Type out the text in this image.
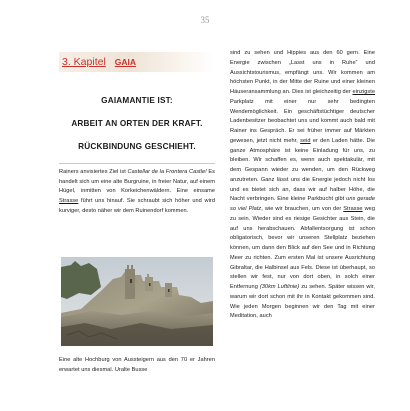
35
3. Kapitel GAIA
GAIAMANTIE IST:
ARBEIT AN ORTEN DER KRAFT.
RÜCKBINDUNG GESCHIEHT.

Rainers anvisiertes Ziel ist Castellar de la Frontera Castle! Es handelt sich um eine alte Burgruine, in freier Natur, auf einem Hügel, inmitten von Korkeichenwäldern. Eine einsame Strasse führt uns hinauf. Sie schraubt sich höher und wird kurviger, desto näher wir dem Ruinendorf kommen.

Eine alte Hochburg von Aussteigern aus den 70 er Jahren erwartet uns diesmal. Uralte Busse

sind zu sehen und Hippies aus den 60 gern. Eine Energie zwischen „Lasst uns in Ruhe“ und Aussichtstourismus, empfängt uns. Wir kommen am höchsten Punkt, in der Mitte der Ruine und einer kleinen Häuseransammlung an. Dies ist gleichzeitig der einzigste Parkplatz mit einer nur sehr bedingten Wendemöglichkeit. Ein geschäftstüchtiger deutscher Ladenbesitzer beobachtet uns und kommt auch bald mit Rainer ins Gespräch. Er sei früher immer auf Märkten gewesen, jetzt nicht mehr, seid er den Laden hätte. Die ganze Atmosphäre ist keine Einladung für uns, zu bleiben. Wir schaffen es, wenn auch spektakulär, mit dem Gespann wieder zu wenden, um den Rückweg anzutreten. Ganz lässt uns die Energie jedoch nicht los und es bietet sich an, dass wir auf halber Höhe, die Nacht verbringen. Eine kleine Parkbucht gibt uns gerade so viel Platz, wie wir brauchen, um von der Strasse weg zu sein. Wieder sind es riesige Gesichter aus Stein, die auf uns herabschauen. Abfallentsorgung ist schon obligatorisch, bevor wir unseren Stellplatz beziehen können, um dann den Blick auf den See und in Richtung Meer zu richten. Zum ersten Mal ist unsere Ausrichtung Gibraltar, die Halbinsel aus Fels. Diese ist überhaupt, so stellen wir fest, nur von dort oben, in solch einer Entfernung (30km Luftlinie) zu sehen. Später wissen wir, warum wir dort schon mit ihr in Kontakt gekommen sind. Wie jeden Morgen beginnen wir den Tag mit einer Meditation, auch
